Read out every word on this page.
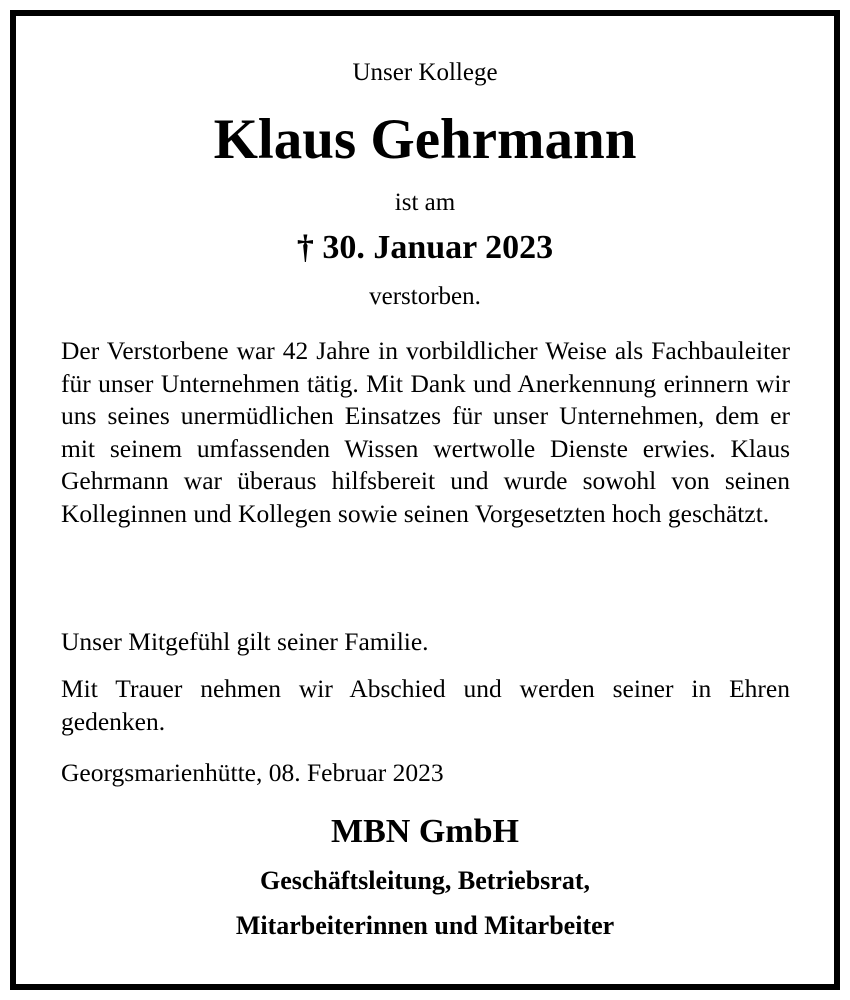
Unser Kollege
Klaus Gehrmann
ist am
† 30. Januar 2023
verstorben.

Der Verstorbene war 42 Jahre in vorbildlicher Weise als Fachbauleiter für unser Unternehmen tätig. Mit Dank und Anerkennung erinnern wir uns seines unermüdlichen Einsatzes für unser Unternehmen, dem er mit seinem umfassenden Wissen wertwolle Dienste erwies. Klaus Gehrmann war überaus hilfsbereit und wurde sowohl von seinen Kolleginnen und Kollegen sowie seinen Vorgesetzten hoch geschätzt.

Unser Mitgefühl gilt seiner Familie.

Mit Trauer nehmen wir Abschied und werden seiner in Ehren gedenken.

Georgsmarienhütte, 08. Februar 2023

MBN GmbH
Geschäftsleitung, Betriebsrat,
Mitarbeiterinnen und Mitarbeiter
